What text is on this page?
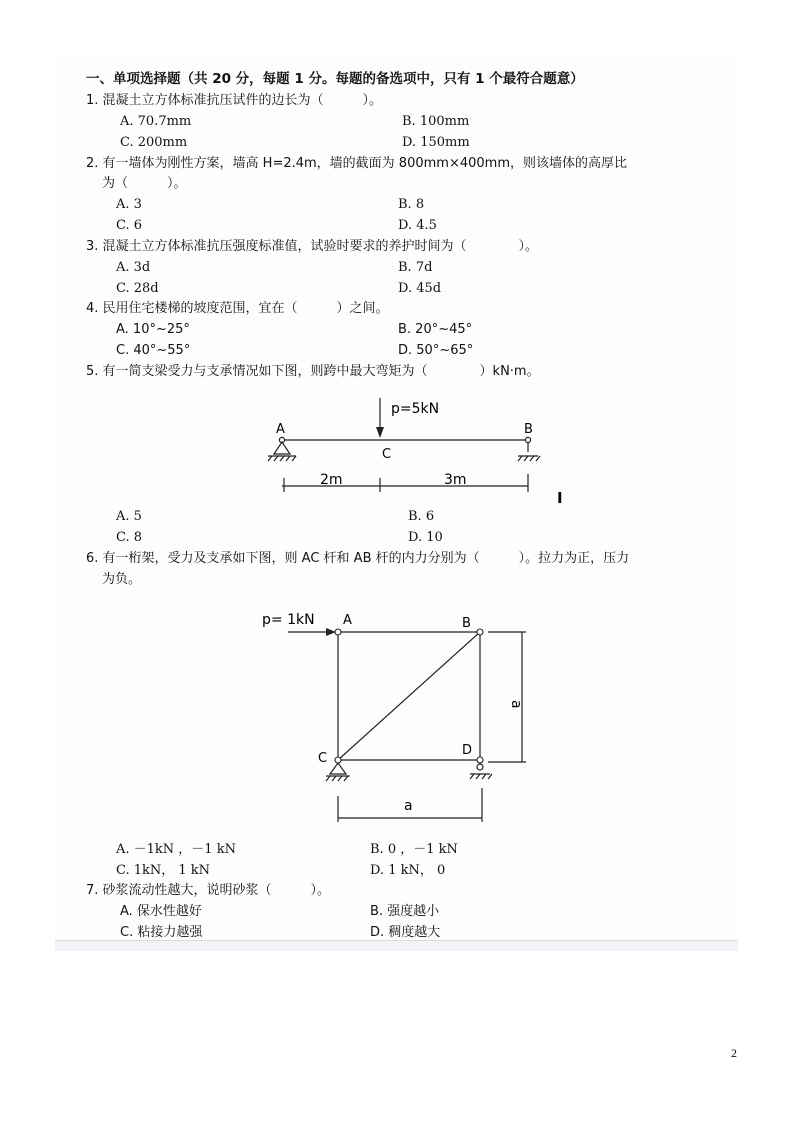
一、单项选择题（共 20 分，每题 1 分。每题的备选项中，只有 1 个最符合题意）
1. 混凝土立方体标准抗压试件的边长为（　　　）。
A. 70.7mm	B. 100mm
C. 200mm	D. 150mm
2. 有一墙体为刚性方案，墙高 H=2.4m，墙的截面为 800mm×400mm，则该墙体的高厚比
为（　　　）。
A. 3	B. 8
C. 6	D. 4.5
3. 混凝土立方体标准抗压强度标准值，试验时要求的养护时间为（　　　　）。
A. 3d	B. 7d
C. 28d	D. 45d
4. 民用住宅楼梯的坡度范围，宜在（　　　）之间。
A. 10°~25°	B. 20°~45°
C. 40°~55°	D. 50°~65°
5. 有一简支梁受力与支承情况如下图，则跨中最大弯矩为（　　　　）kN·m。
p=5kN
A	B
C
2m	3m
I
A. 5	B. 6
C. 8	D. 10
6. 有一桁架，受力及支承如下图，则 AC 杆和 AB 杆的内力分别为（　　　）。拉力为正，压力
为负。
p= 1kN A	B
C
D
a
a
A. －1kN ，－1 kN	B. 0 ，－1 kN
C. 1kN， 1 kN	D. 1 kN， 0
7. 砂浆流动性越大，说明砂浆（　　　）。
A. 保水性越好	B. 强度越小
C. 粘接力越强	D. 稠度越大
2
